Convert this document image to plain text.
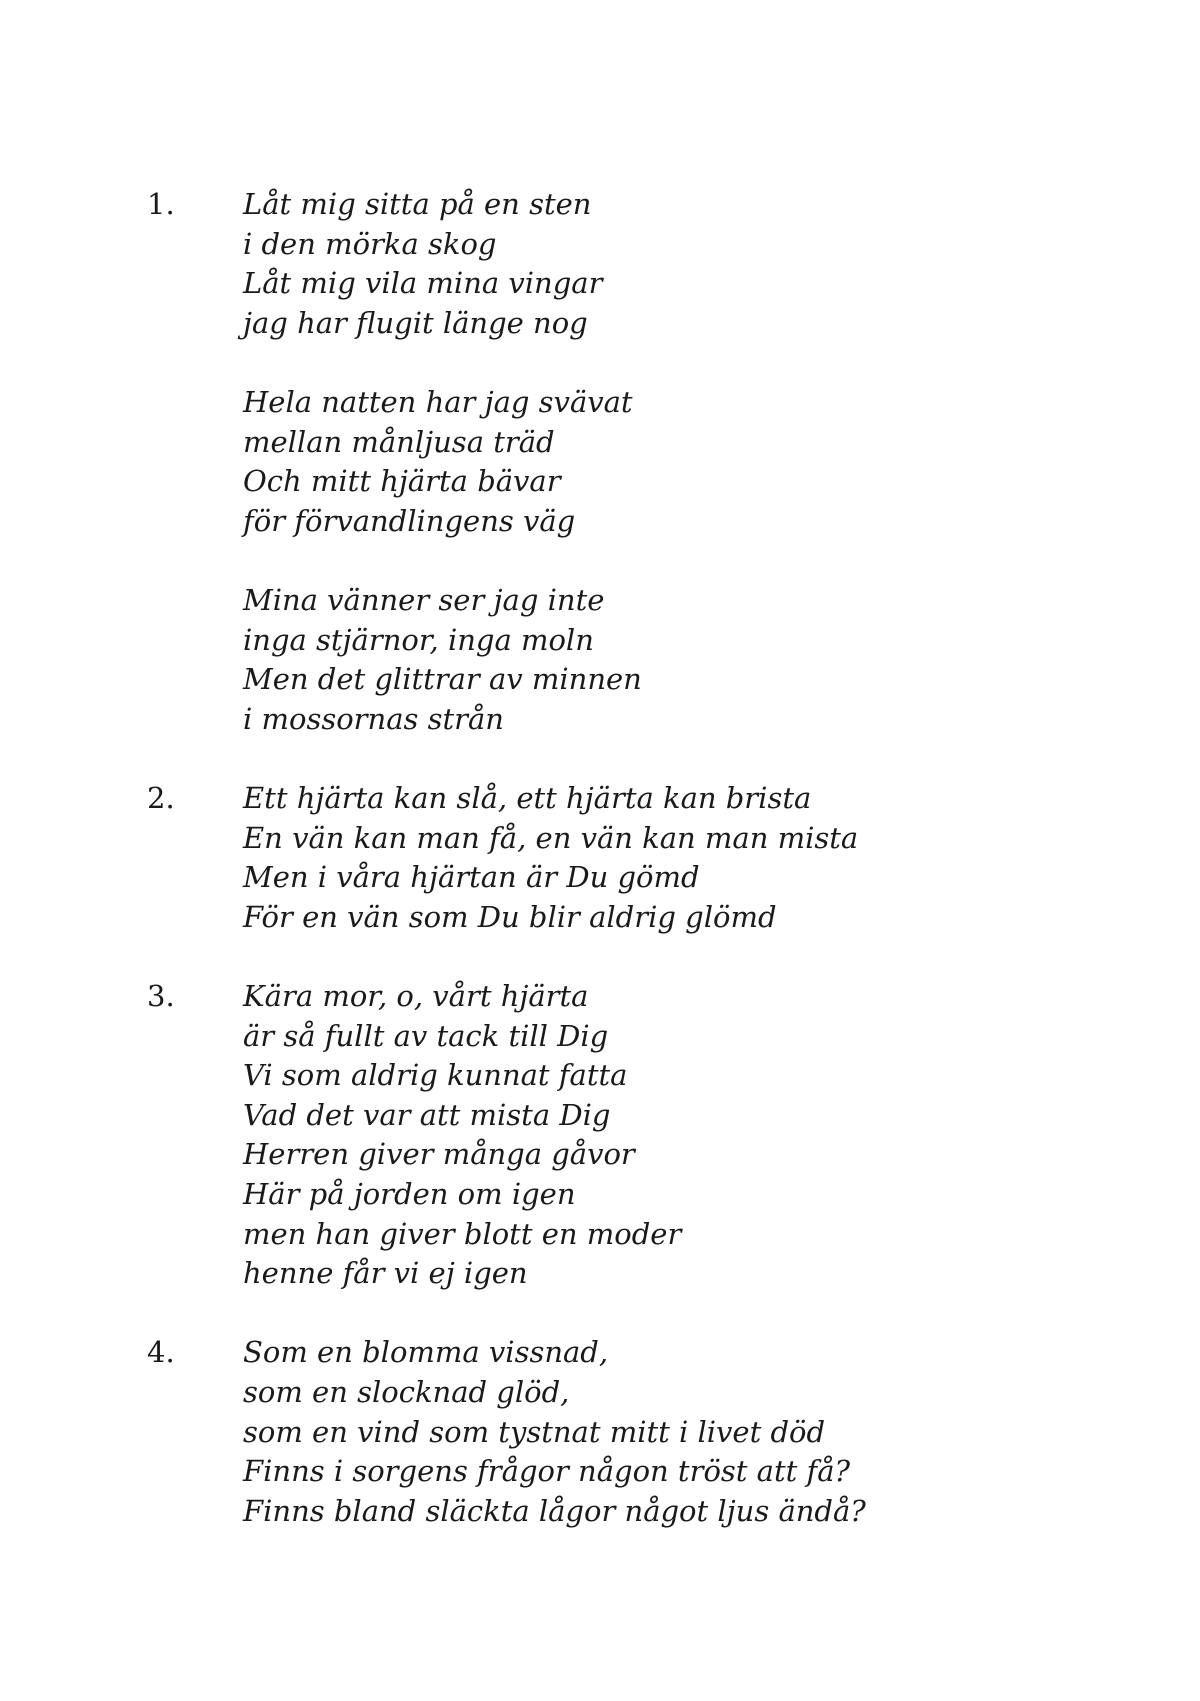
1. Låt mig sitta på en sten
i den mörka skog
Låt mig vila mina vingar
jag har flugit länge nog
Hela natten har jag svävat
mellan månljusa träd
Och mitt hjärta bävar
för förvandlingens väg
Mina vänner ser jag inte
inga stjärnor, inga moln
Men det glittrar av minnen
i mossornas strån
2. Ett hjärta kan slå, ett hjärta kan brista
En vän kan man få, en vän kan man mista
Men i våra hjärtan är Du gömd
För en vän som Du blir aldrig glömd
3. Kära mor, o, vårt hjärta
är så fullt av tack till Dig
Vi som aldrig kunnat fatta
Vad det var att mista Dig
Herren giver många gåvor
Här på jorden om igen
men han giver blott en moder
henne får vi ej igen
4. Som en blomma vissnad,
som en slocknad glöd,
som en vind som tystnat mitt i livet död
Finns i sorgens frågor någon tröst att få?
Finns bland släckta lågor något ljus ändå?
